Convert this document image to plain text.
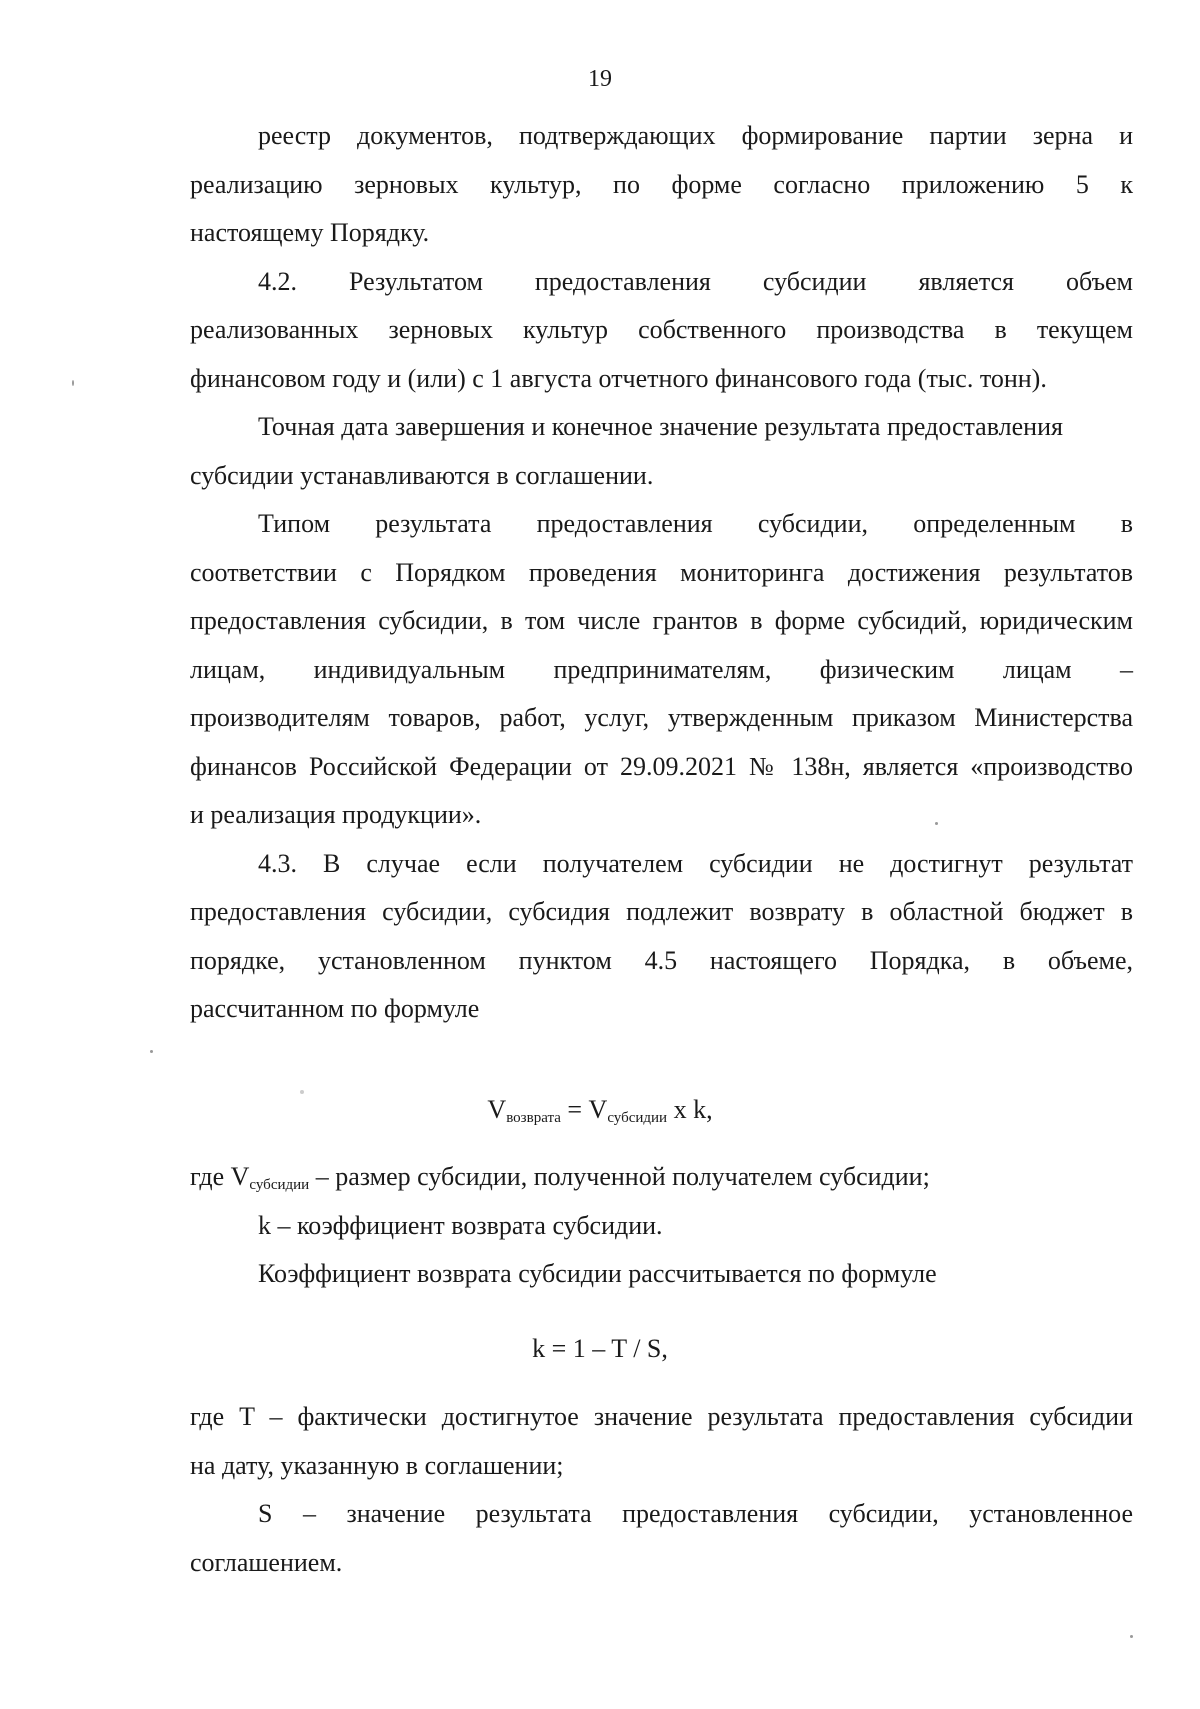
19

реестр документов, подтверждающих формирование партии зерна и

реализацию зерновых культур, по форме согласно приложению 5 к

настоящему Порядку.

4.2. Результатом предоставления субсидии является объем

реализованных зерновых культур собственного производства в текущем

финансовом году и (или) с 1 августа отчетного финансового года (тыс. тонн).

Точная дата завершения и конечное значение результата предоставления

субсидии устанавливаются в соглашении.

Типом результата предоставления субсидии, определенным в

соответствии с Порядком проведения мониторинга достижения результатов

предоставления субсидии, в том числе грантов в форме субсидий, юридическим

лицам, индивидуальным предпринимателям, физическим лицам –

производителям товаров, работ, услуг, утвержденным приказом Министерства

финансов Российской Федерации от 29.09.2021 № 138н, является «производство

и реализация продукции».

4.3. В случае если получателем субсидии не достигнут результат

предоставления субсидии, субсидия подлежит возврату в областной бюджет в

порядке, установленном пунктом 4.5 настоящего Порядка, в объеме,

рассчитанном по формуле

$V_{возврата} = V_{субсидии}$ x k,

где $V_{субсидии}$ – размер субсидии, полученной получателем субсидии;

k – коэффициент возврата субсидии.

Коэффициент возврата субсидии рассчитывается по формуле

k = 1 – T / S,

где T – фактически достигнутое значение результата предоставления субсидии

на дату, указанную в соглашении;

S – значение результата предоставления субсидии, установленное

соглашением.
